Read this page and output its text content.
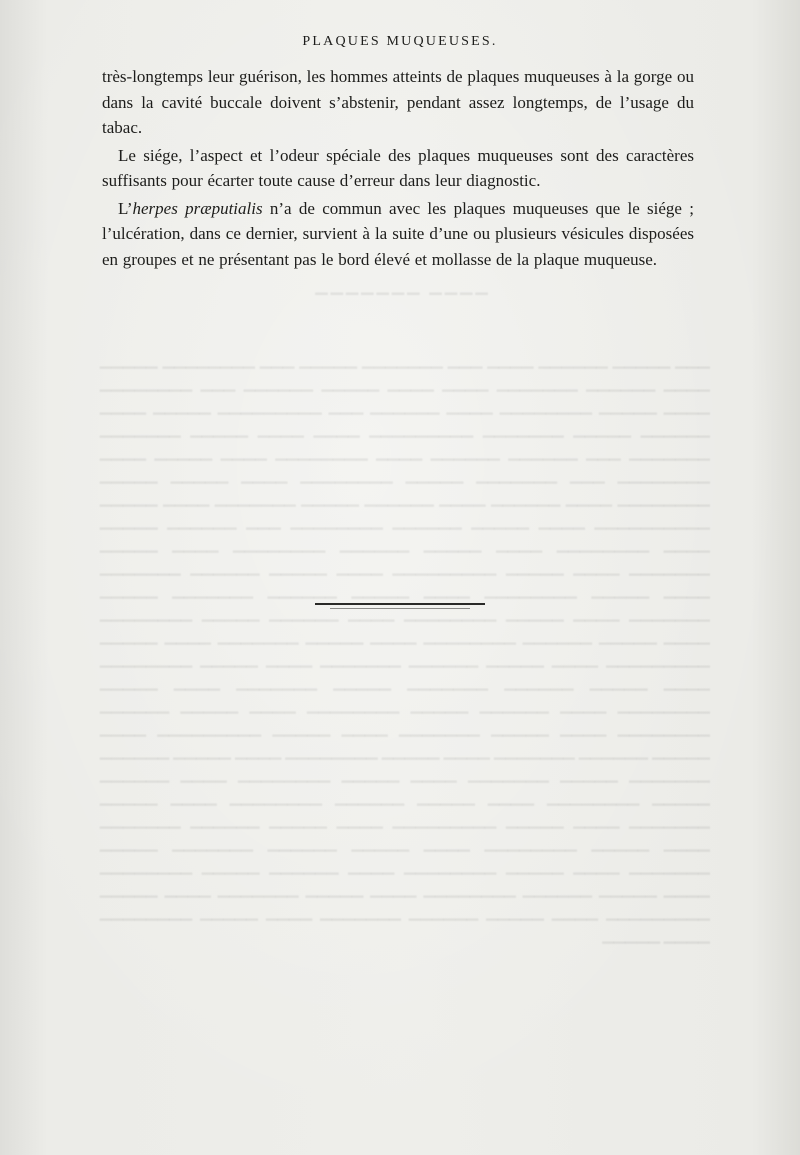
▁▁▁▁ ▁▁▁▁▁▁▁
▁▁▁ ▁▁▁▁▁ ▁▁▁▁▁▁ ▁▁▁▁ ▁▁▁ ▁▁▁▁▁▁▁ ▁▁▁▁▁ ▁▁▁ ▁▁▁▁▁▁▁▁ ▁▁▁▁▁ ▁▁▁▁ ▁▁▁▁▁▁ ▁▁▁▁▁▁▁ ▁▁▁▁ ▁▁▁▁ ▁▁▁▁▁ ▁▁▁▁▁▁ ▁▁▁ ▁▁▁▁▁▁▁▁ ▁▁▁▁ ▁▁▁▁▁ ▁▁▁▁▁▁▁▁ ▁▁▁▁ ▁▁▁▁▁▁ ▁▁▁ ▁▁▁▁▁▁▁▁▁ ▁▁▁▁▁ ▁▁▁▁ ▁▁▁▁▁▁ ▁▁▁▁▁ ▁▁▁▁▁▁▁ ▁▁▁▁▁▁▁▁▁ ▁▁▁▁ ▁▁▁▁ ▁▁▁▁▁ ▁▁▁▁▁▁▁ ▁▁▁▁▁▁▁ ▁▁▁ ▁▁▁▁▁▁ ▁▁▁▁▁▁ ▁▁▁▁ ▁▁▁▁▁▁▁▁ ▁▁▁▁ ▁▁▁▁▁ ▁▁▁▁ ▁▁▁▁▁▁▁▁ ▁▁▁ ▁▁▁▁▁▁▁ ▁▁▁▁▁ ▁▁▁▁▁▁▁▁ ▁▁▁▁ ▁▁▁▁▁ ▁▁▁▁▁ ▁▁▁▁▁▁▁▁ ▁▁▁▁ ▁▁▁▁▁▁ ▁▁▁▁ ▁▁▁▁▁▁ ▁▁▁▁▁ ▁▁▁▁▁▁▁ ▁▁▁▁ ▁▁▁▁▁ ▁▁▁▁▁▁▁▁▁▁ ▁▁▁▁ ▁▁▁▁▁ ▁▁▁▁▁▁ ▁▁▁▁▁▁▁▁ ▁▁▁ ▁▁▁▁▁▁ ▁▁▁▁▁ ▁▁▁▁ ▁▁▁▁▁▁▁▁ ▁▁▁▁ ▁▁▁▁▁ ▁▁▁▁▁▁ ▁▁▁▁▁▁▁▁ ▁▁▁▁ ▁▁▁▁▁ ▁▁▁▁▁▁▁ ▁▁▁▁ ▁▁▁▁▁ ▁▁▁▁▁▁▁▁▁ ▁▁▁▁ ▁▁▁▁▁ ▁▁▁▁▁▁ ▁▁▁▁▁▁▁ ▁▁▁▁ ▁▁▁▁▁ ▁▁▁▁▁▁▁▁ ▁▁▁▁ ▁▁▁▁▁ ▁▁▁▁▁▁ ▁▁▁▁▁▁▁ ▁▁▁▁▁ ▁▁▁▁▁▁▁ ▁▁▁▁ ▁▁▁▁▁ ▁▁▁▁▁▁▁▁ ▁▁▁▁ ▁▁▁▁▁▁ ▁▁▁▁▁ ▁▁▁▁▁▁▁▁ ▁▁▁▁ ▁▁▁▁▁ ▁▁▁▁▁▁ ▁▁▁▁▁▁▁▁ ▁▁▁▁ ▁▁▁▁▁ ▁▁▁▁▁▁▁ ▁▁▁▁ ▁▁▁▁▁ ▁▁▁▁▁▁▁▁▁ ▁▁▁▁ ▁▁▁▁▁ ▁▁▁▁▁▁ ▁▁▁▁▁▁▁ ▁▁▁▁ ▁▁▁▁▁ ▁▁▁▁▁▁▁▁ ▁▁▁▁ ▁▁▁▁▁ ▁▁▁▁▁▁ ▁▁▁▁▁▁▁ ▁▁▁▁▁ ▁▁▁▁▁▁▁ ▁▁▁▁ ▁▁▁▁▁ ▁▁▁▁▁▁▁▁ ▁▁▁▁ ▁▁▁▁▁▁ ▁▁▁▁▁ ▁▁▁▁▁▁▁▁ ▁▁▁▁ ▁▁▁▁▁ ▁▁▁▁▁▁ ▁▁▁▁▁▁▁▁ ▁▁▁▁ ▁▁▁▁▁ ▁▁▁▁▁▁▁ ▁▁▁▁ ▁▁▁▁▁ ▁▁▁▁▁▁▁▁▁ ▁▁▁▁ ▁▁▁▁▁ ▁▁▁▁▁▁ ▁▁▁▁▁▁▁ ▁▁▁▁ ▁▁▁▁▁ ▁▁▁▁▁▁▁▁ ▁▁▁▁ ▁▁▁▁▁ ▁▁▁▁▁▁ ▁▁▁▁▁▁▁ ▁▁▁▁▁ ▁▁▁▁▁▁▁ ▁▁▁▁ ▁▁▁▁▁ ▁▁▁▁▁▁▁▁ ▁▁▁▁ ▁▁▁▁▁▁ ▁▁▁▁▁ ▁▁▁▁▁▁▁▁ ▁▁▁▁ ▁▁▁▁▁ ▁▁▁▁▁▁ ▁▁▁▁▁▁▁▁ ▁▁▁▁ ▁▁▁▁▁ ▁▁▁▁▁▁▁ ▁▁▁▁ ▁▁▁▁▁ ▁▁▁▁▁▁▁▁▁ ▁▁▁▁ ▁▁▁▁▁ ▁▁▁▁▁▁ ▁▁▁▁▁▁▁ ▁▁▁▁ ▁▁▁▁▁ ▁▁▁▁▁▁▁▁ ▁▁▁▁ ▁▁▁▁▁ ▁▁▁▁▁▁ ▁▁▁▁▁▁▁ ▁▁▁▁▁ ▁▁▁▁▁▁▁ ▁▁▁▁ ▁▁▁▁▁ ▁▁▁▁▁▁▁▁ ▁▁▁▁ ▁▁▁▁▁▁ ▁▁▁▁▁ ▁▁▁▁▁▁▁▁ ▁▁▁▁ ▁▁▁▁▁ ▁▁▁▁▁▁ ▁▁▁▁▁▁▁▁ ▁▁▁▁ ▁▁▁▁▁ ▁▁▁▁▁▁▁ ▁▁▁▁ ▁▁▁▁▁ ▁▁▁▁▁▁▁▁▁ ▁▁▁▁ ▁▁▁▁▁ ▁▁▁▁▁▁ ▁▁▁▁▁▁▁ ▁▁▁▁ ▁▁▁▁▁ ▁▁▁▁▁▁▁▁ ▁▁▁▁ ▁▁▁▁▁
PLAQUES MUQUEUSES.

très-longtemps leur guérison, les hommes atteints de plaques muqueuses à la gorge ou dans la cavité buccale doivent s’abstenir, pendant assez longtemps, de l’usage du tabac.

Le siége, l’aspect et l’odeur spéciale des plaques muqueuses sont des caractères suffisants pour écarter toute cause d’erreur dans leur diagnostic.

L’herpes præputialis n’a de commun avec les plaques muqueuses que le siége ; l’ulcération, dans ce dernier, survient à la suite d’une ou plusieurs vésicules disposées en groupes et ne présentant pas le bord élevé et mollasse de la plaque muqueuse.
